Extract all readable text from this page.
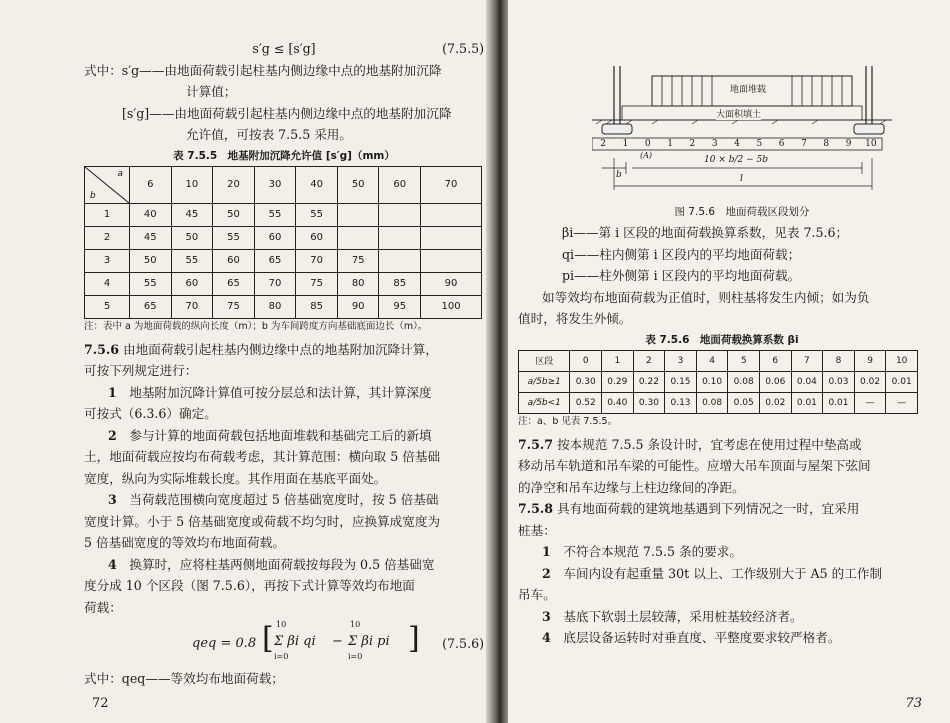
s′g ≤ [s′g]	(7.5.5)

式中：s′g——由地面荷载引起柱基内侧边缘中点的地基附加沉降

计算值；

[s′g]——由地面荷载引起柱基内侧边缘中点的地基附加沉降

允许值，可按表 7.5.5 采用。

表 7.5.5　地基附加沉降允许值 [s′g]（mm）
a
b	6	10	20	30	40	50	60	70
1	40	45	50	55	55			
2	45	50	55	60	60			
3	50	55	60	65	70	75		
4	55	60	65	70	75	80	85	90
5	65	70	75	80	85	90	95	100

注：表中 a 为地面荷载的纵向长度（m）；b 为车间跨度方向基础底面边长（m）。

7.5.6 由地面荷载引起柱基内侧边缘中点的地基附加沉降计算，

可按下列规定进行：

1　 地基附加沉降计算值可按分层总和法计算，其计算深度

可按式（6.3.6）确定。

2　 参与计算的地面荷载包括地面堆载和基础完工后的新填

土，地面荷载应按均布荷载考虑，其计算范围：横向取 5 倍基础

宽度，纵向为实际堆载长度。其作用面在基底平面处。

3　 当荷载范围横向宽度超过 5 倍基础宽度时，按 5 倍基础

宽度计算。小于 5 倍基础宽度或荷载不均匀时，应换算成宽度为

5 倍基础宽度的等效均布地面荷载。

4　 换算时，应将柱基两侧地面荷载按每段为 0.5 倍基础宽

度分成 10 个区段（图 7.5.6），再按下式计算等效均布地面

荷载：

qeq = 0.8 [ 10
i=0
Σ βi qi −
10
i=0
Σ βi pi ] (7.5.6)

式中：qeq——等效均布地面荷载；

72
地面堆载
大面积填土
2	1	0	1	2	3	4	5	6	7	8	9	10
(A)
b
10 × b/2 − 5b
l
图 7.5.6　地面荷载区段划分

βi——第 i 区段的地面荷载换算系数，见表 7.5.6；

qi——柱内侧第 i 区段内的平均地面荷载；

pi——柱外侧第 i 区段内的平均地面荷载。

如等效均布地面荷载为正值时，则柱基将发生内倾；如为负

值时，将发生外倾。

表 7.5.6　地面荷载换算系数 βi
区段	0	1	2	3	4	5	6	7	8	9	10
a/5b≥1	0.30	0.29	0.22	0.15	0.10	0.08	0.06	0.04	0.03	0.02	0.01
a/5b<1	0.52	0.40	0.30	0.13	0.08	0.05	0.02	0.01	0.01	—	—

注：a、b 见表 7.5.5。

7.5.7 按本规范 7.5.5 条设计时，宜考虑在使用过程中垫高或

移动吊车轨道和吊车梁的可能性。应增大吊车顶面与屋架下弦间

的净空和吊车边缘与上柱边缘间的净距。

7.5.8 具有地面荷载的建筑地基遇到下列情况之一时，宜采用

桩基：

1　 不符合本规范 7.5.5 条的要求。

2　 车间内设有起重量 30t 以上、工作级别大于 A5 的工作制

吊车。

3　 基底下软弱土层较薄，采用桩基较经济者。

4　 底层设备运转时对垂直度、平整度要求较严格者。

73
